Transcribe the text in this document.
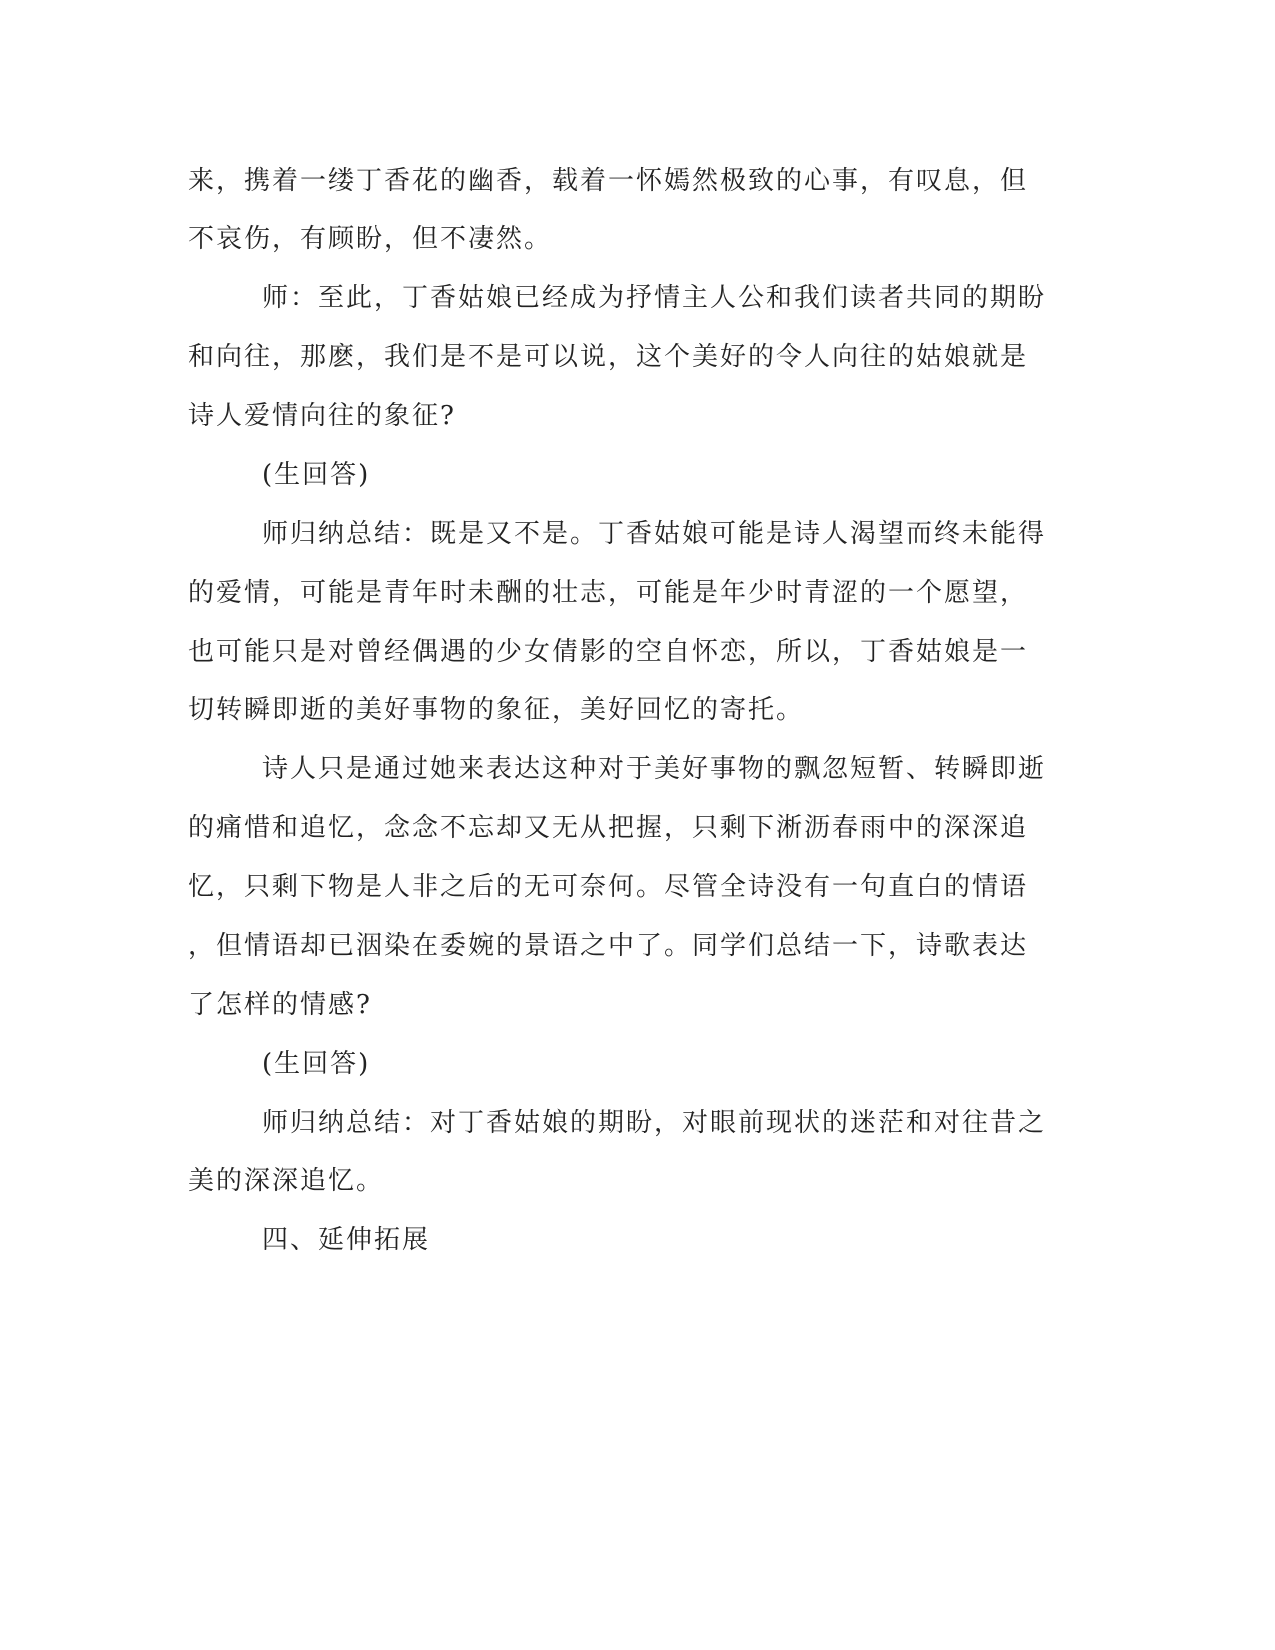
来，携着一缕丁香花的幽香，载着一怀嫣然极致的心事，有叹息，但
不哀伤，有顾盼，但不凄然。
师：至此，丁香姑娘已经成为抒情主人公和我们读者共同的期盼
和向往，那麽，我们是不是可以说，这个美好的令人向往的姑娘就是
诗人爱情向往的象征?
(生回答)
师归纳总结：既是又不是。丁香姑娘可能是诗人渴望而终未能得
的爱情，可能是青年时未酬的壮志，可能是年少时青涩的一个愿望，
也可能只是对曾经偶遇的少女倩影的空自怀恋，所以，丁香姑娘是一
切转瞬即逝的美好事物的象征，美好回忆的寄托。
诗人只是通过她来表达这种对于美好事物的飘忽短暂、转瞬即逝
的痛惜和追忆，念念不忘却又无从把握，只剩下淅沥春雨中的深深追
忆，只剩下物是人非之后的无可奈何。尽管全诗没有一句直白的情语
，但情语却已洇染在委婉的景语之中了。同学们总结一下，诗歌表达
了怎样的情感?
(生回答)
师归纳总结：对丁香姑娘的期盼，对眼前现状的迷茫和对往昔之
美的深深追忆。
四、延伸拓展
